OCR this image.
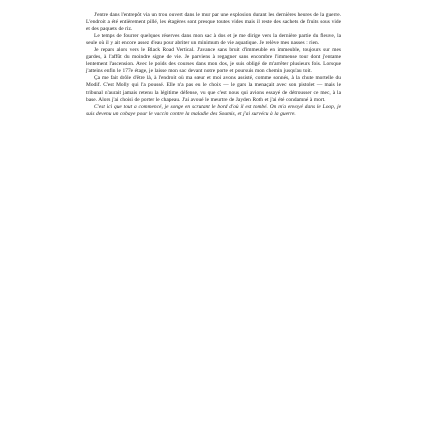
J'entre dans l'entrepôt via un trou ouvert dans le mur par une explosion durant les dernières heures de la guerre. L'endroit a été entièrement pillé, les étagères sont presque toutes vides mais il reste des sachets de fruits sous vide et des paquets de riz.

Le temps de fourrer quelques réserves dans mon sac à dos et je me dirige vers la dernière partie du fleuve, la seule où il y ait encore assez d'eau pour abriter un minimum de vie aquatique. Je relève mes nasses : rien.

Je repars alors vers le Black Road Vertical. J'avance sans bruit d'immeuble en immeuble, toujours sur mes gardes, à l'affût du moindre signe de vie. Je parviens à regagner sans encombre l'immense tour dont j'entame lentement l'ascension. Avec le poids des courses dans mon dos, je suis obligé de m'arrêter plusieurs fois. Lorsque j'atteins enfin le 177e étage, je laisse mon sac devant notre porte et poursuis mon chemin jusqu'au toit.

Ça me fait drôle d'être là, à l'endroit où ma sœur et moi avons assisté, comme sonnés, à la chute mortelle du Modif. C'est Molly qui l'a poussé. Elle n'a pas eu le choix — le gars la menaçait avec son pistolet — mais le tribunal n'aurait jamais retenu la légitime défense, vu que c'est nous qui avions essayé de détrousser ce mec, à la base. Alors j'ai choisi de porter le chapeau. J'ai avoué le meurtre de Jayden Roth et j'ai été condamné à mort.

C'est ici que tout a commencé, je songe en scrutant le bord d'où il est tombé. On m'a envoyé dans le Loop, je suis devenu un cobaye pour le vaccin contre la maladie des Soumis, et j'ai survécu à la guerre.
